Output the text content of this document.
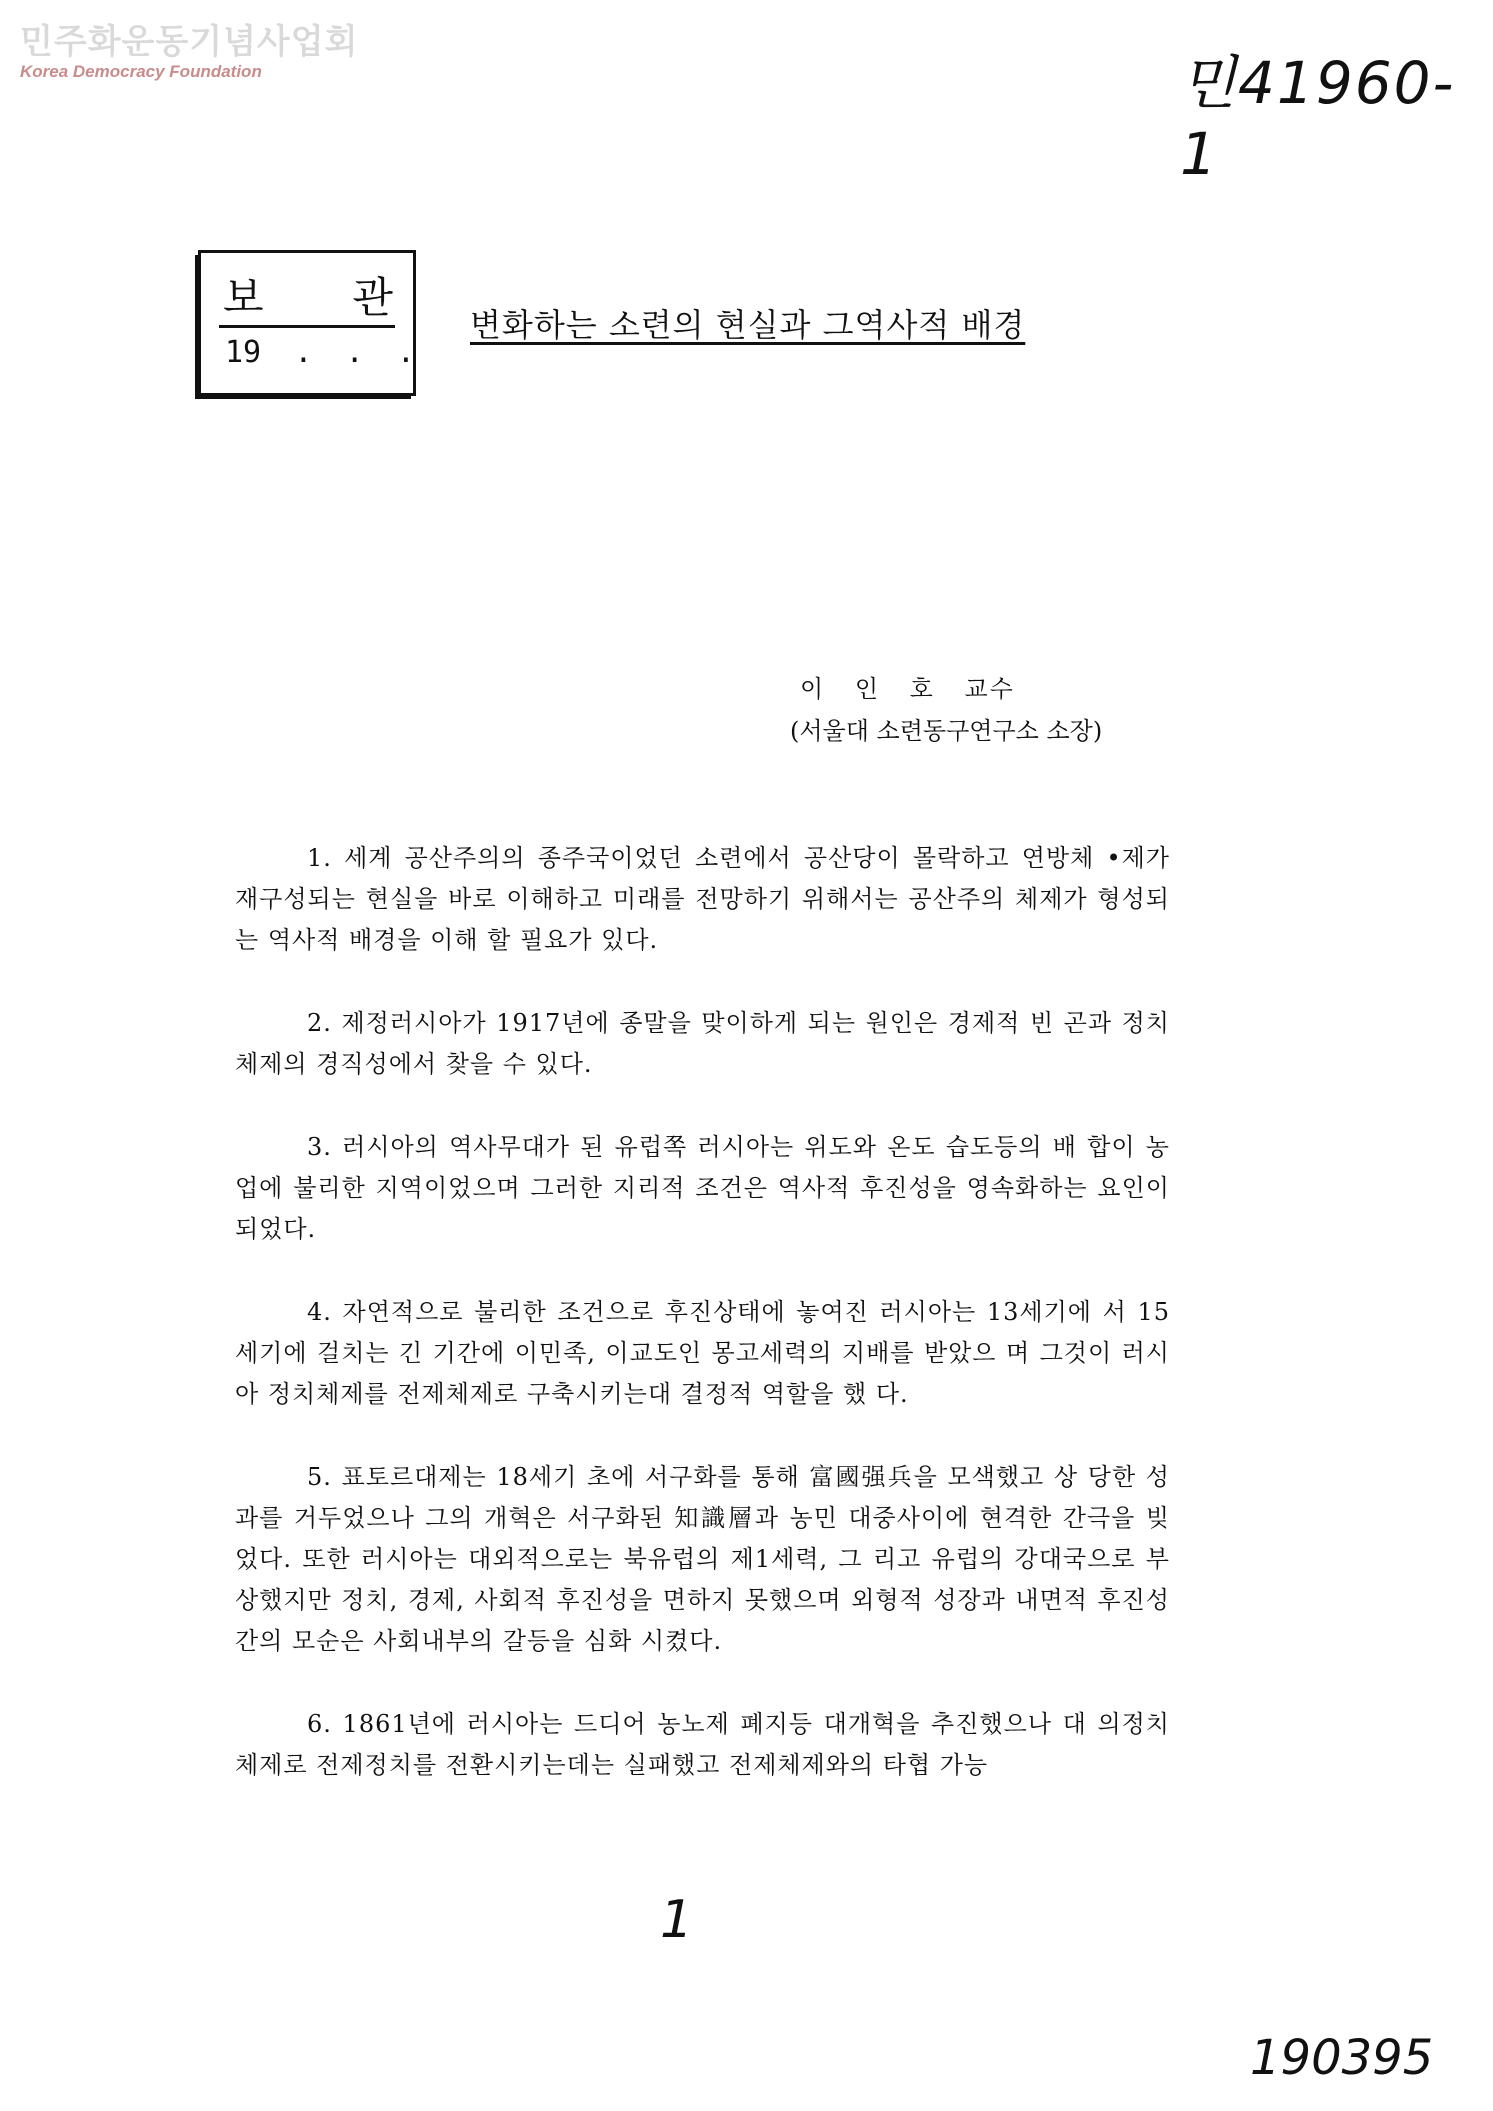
민주화운동기념사업회
Korea Democracy Foundation	민41960-1
보 관
19 . . .
변화하는 소련의 현실과 그역사적 배경
이 인 호 교수
(서울대 소련동구연구소 소장)

1. 세계 공산주의의 종주국이었던 소련에서 공산당이 몰락하고 연방체 •제가 재구성되는 현실을 바로 이해하고 미래를 전망하기 위해서는 공산주의 체제가 형성되는 역사적 배경을 이해 할 필요가 있다.

2. 제정러시아가 1917년에 종말을 맞이하게 되는 원인은 경제적 빈 곤과 정치체제의 경직성에서 찾을 수 있다.

3. 러시아의 역사무대가 된 유럽쪽 러시아는 위도와 온도 습도등의 배 합이 농업에 불리한 지역이었으며 그러한 지리적 조건은 역사적 후진성을 영속화하는 요인이 되었다.

4. 자연적으로 불리한 조건으로 후진상태에 놓여진 러시아는 13세기에 서 15세기에 걸치는 긴 기간에 이민족, 이교도인 몽고세력의 지배를 받았으 며 그것이 러시아 정치체제를 전제체제로 구축시키는대 결정적 역할을 했 다.

5. 표토르대제는 18세기 초에 서구화를 통해 富國强兵을 모색했고 상 당한 성과를 거두었으나 그의 개혁은 서구화된 知識層과 농민 대중사이에 현격한 간극을 빚었다. 또한 러시아는 대외적으로는 북유럽의 제1세력, 그 리고 유럽의 강대국으로 부상했지만 정치, 경제, 사회적 후진성을 면하지 못했으며 외형적 성장과 내면적 후진성간의 모순은 사회내부의 갈등을 심화 시켰다.

6. 1861년에 러시아는 드디어 농노제 폐지등 대개혁을 추진했으나 대 의정치체제로 전제정치를 전환시키는데는 실패했고 전제체제와의 타협 가능

1
190395
